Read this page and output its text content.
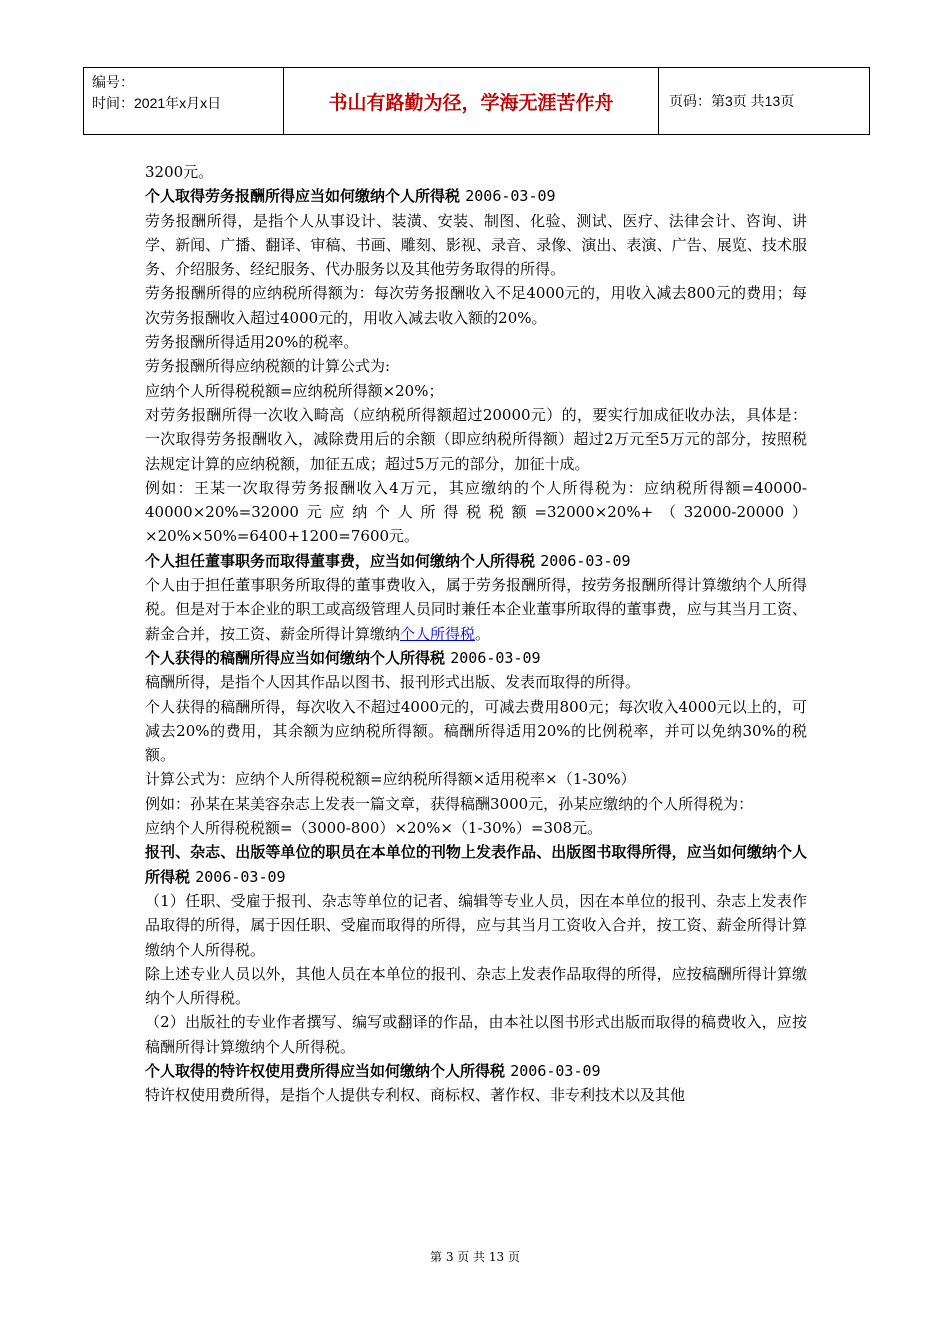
编号：
时间：2021年x月x日	书山有路勤为径，学海无涯苦作舟	页码：第3页 共13页

3200元。

个人取得劳务报酬所得应当如何缴纳个人所得税 2006-03-09

劳务报酬所得，是指个人从事设计、装潢、安装、制图、化验、测试、医疗、法律会计、咨询、讲学、新闻、广播、翻译、审稿、书画、雕刻、影视、录音、录像、演出、表演、广告、展览、技术服务、介绍服务、经纪服务、代办服务以及其他劳务取得的所得。

劳务报酬所得的应纳税所得额为：每次劳务报酬收入不足4000元的，用收入减去800元的费用；每次劳务报酬收入超过4000元的，用收入减去收入额的20%。

劳务报酬所得适用20%的税率。

劳务报酬所得应纳税额的计算公式为:

应纳个人所得税税额=应纳税所得额×20%；

对劳务报酬所得一次收入畸高（应纳税所得额超过20000元）的，要实行加成征收办法，具体是：一次取得劳务报酬收入，减除费用后的余额（即应纳税所得额）超过2万元至5万元的部分，按照税法规定计算的应纳税额，加征五成；超过5万元的部分，加征十成。

例如：王某一次取得劳务报酬收入4万元，其应缴纳的个人所得税为：应纳税所得额=40000-40000×20%=32000元应纳个人所得税税额=32000×20%+（32000-20000）×20%×50%=6400+1200=7600元。

个人担任董事职务而取得董事费，应当如何缴纳个人所得税 2006-03-09

个人由于担任董事职务所取得的董事费收入，属于劳务报酬所得，按劳务报酬所得计算缴纳个人所得税。但是对于本企业的职工或高级管理人员同时兼任本企业董事所取得的董事费，应与其当月工资、薪金合并，按工资、薪金所得计算缴纳个人所得税。

个人获得的稿酬所得应当如何缴纳个人所得税 2006-03-09

稿酬所得，是指个人因其作品以图书、报刊形式出版、发表而取得的所得。

个人获得的稿酬所得，每次收入不超过4000元的，可减去费用800元；每次收入4000元以上的，可减去20%的费用，其余额为应纳税所得额。稿酬所得适用20%的比例税率，并可以免纳30%的税额。

计算公式为：应纳个人所得税税额=应纳税所得额×适用税率×（1-30%）

例如：孙某在某美容杂志上发表一篇文章，获得稿酬3000元，孙某应缴纳的个人所得税为：

应纳个人所得税税额=（3000-800）×20%×（1-30%）=308元。

报刊、杂志、出版等单位的职员在本单位的刊物上发表作品、出版图书取得所得，应当如何缴纳个人所得税 2006-03-09

（1）任职、受雇于报刊、杂志等单位的记者、编辑等专业人员，因在本单位的报刊、杂志上发表作品取得的所得，属于因任职、受雇而取得的所得，应与其当月工资收入合并，按工资、薪金所得计算缴纳个人所得税。

除上述专业人员以外，其他人员在本单位的报刊、杂志上发表作品取得的所得，应按稿酬所得计算缴纳个人所得税。

（2）出版社的专业作者撰写、编写或翻译的作品，由本社以图书形式出版而取得的稿费收入，应按稿酬所得计算缴纳个人所得税。

个人取得的特许权使用费所得应当如何缴纳个人所得税 2006-03-09

特许权使用费所得，是指个人提供专利权、商标权、著作权、非专利技术以及其他

第 3 页 共 13 页
